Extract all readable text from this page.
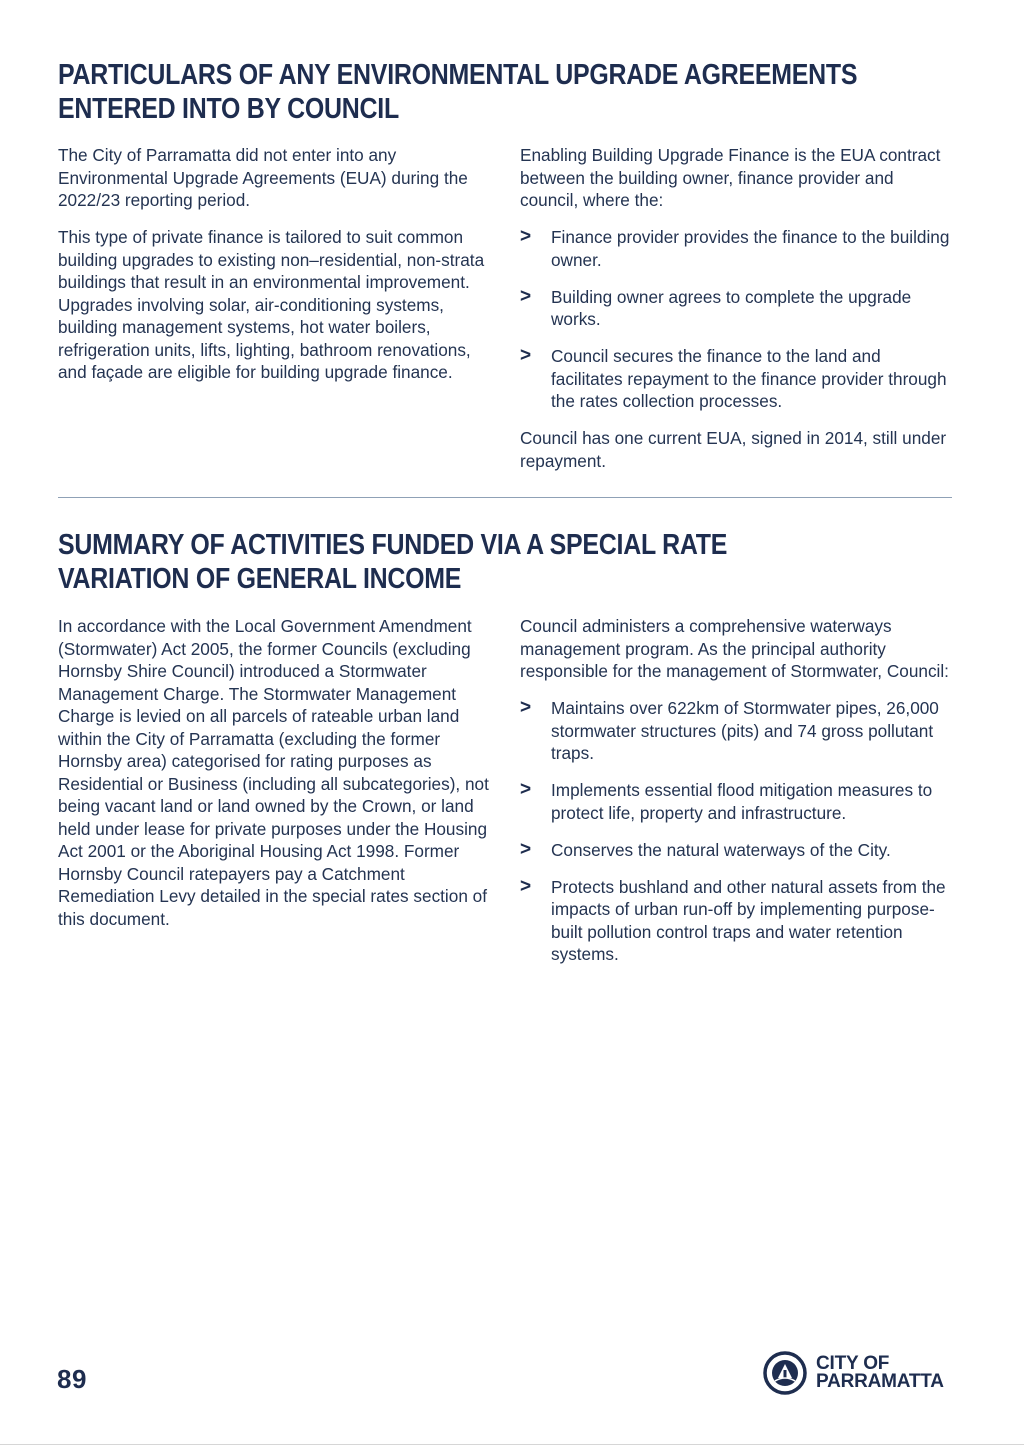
PARTICULARS OF ANY ENVIRONMENTAL UPGRADE AGREEMENTS ENTERED INTO BY COUNCIL

The City of Parramatta did not enter into any Environmental Upgrade Agreements (EUA) during the 2022/23 reporting period.

This type of private finance is tailored to suit common building upgrades to existing non–residential, non-strata buildings that result in an environmental improvement. Upgrades involving solar, air-conditioning systems, building management systems, hot water boilers, refrigeration units, lifts, lighting, bathroom renovations, and façade are eligible for building upgrade finance.

Enabling Building Upgrade Finance is the EUA contract between the building owner, finance provider and council, where the:

> Finance provider provides the finance to the building owner.
> Building owner agrees to complete the upgrade works.
> Council secures the finance to the land and facilitates repayment to the finance provider through the rates collection processes.

Council has one current EUA, signed in 2014, still under repayment.

SUMMARY OF ACTIVITIES FUNDED VIA A SPECIAL RATE VARIATION OF GENERAL INCOME

In accordance with the Local Government Amendment (Stormwater) Act 2005, the former Councils (excluding Hornsby Shire Council) introduced a Stormwater Management Charge. The Stormwater Management Charge is levied on all parcels of rateable urban land within the City of Parramatta (excluding the former Hornsby area) categorised for rating purposes as Residential or Business (including all subcategories), not being vacant land or land owned by the Crown, or land held under lease for private purposes under the Housing Act 2001 or the Aboriginal Housing Act 1998. Former Hornsby Council ratepayers pay a Catchment Remediation Levy detailed in the special rates section of this document.

Council administers a comprehensive waterways management program. As the principal authority responsible for the management of Stormwater, Council:

> Maintains over 622km of Stormwater pipes, 26,000 stormwater structures (pits) and 74 gross pollutant traps.
> Implements essential flood mitigation measures to protect life, property and infrastructure.
> Conserves the natural waterways of the City.
> Protects bushland and other natural assets from the impacts of urban run-off by implementing purpose-built pollution control traps and water retention systems.
89
CITY OF
PARRAMATTA
